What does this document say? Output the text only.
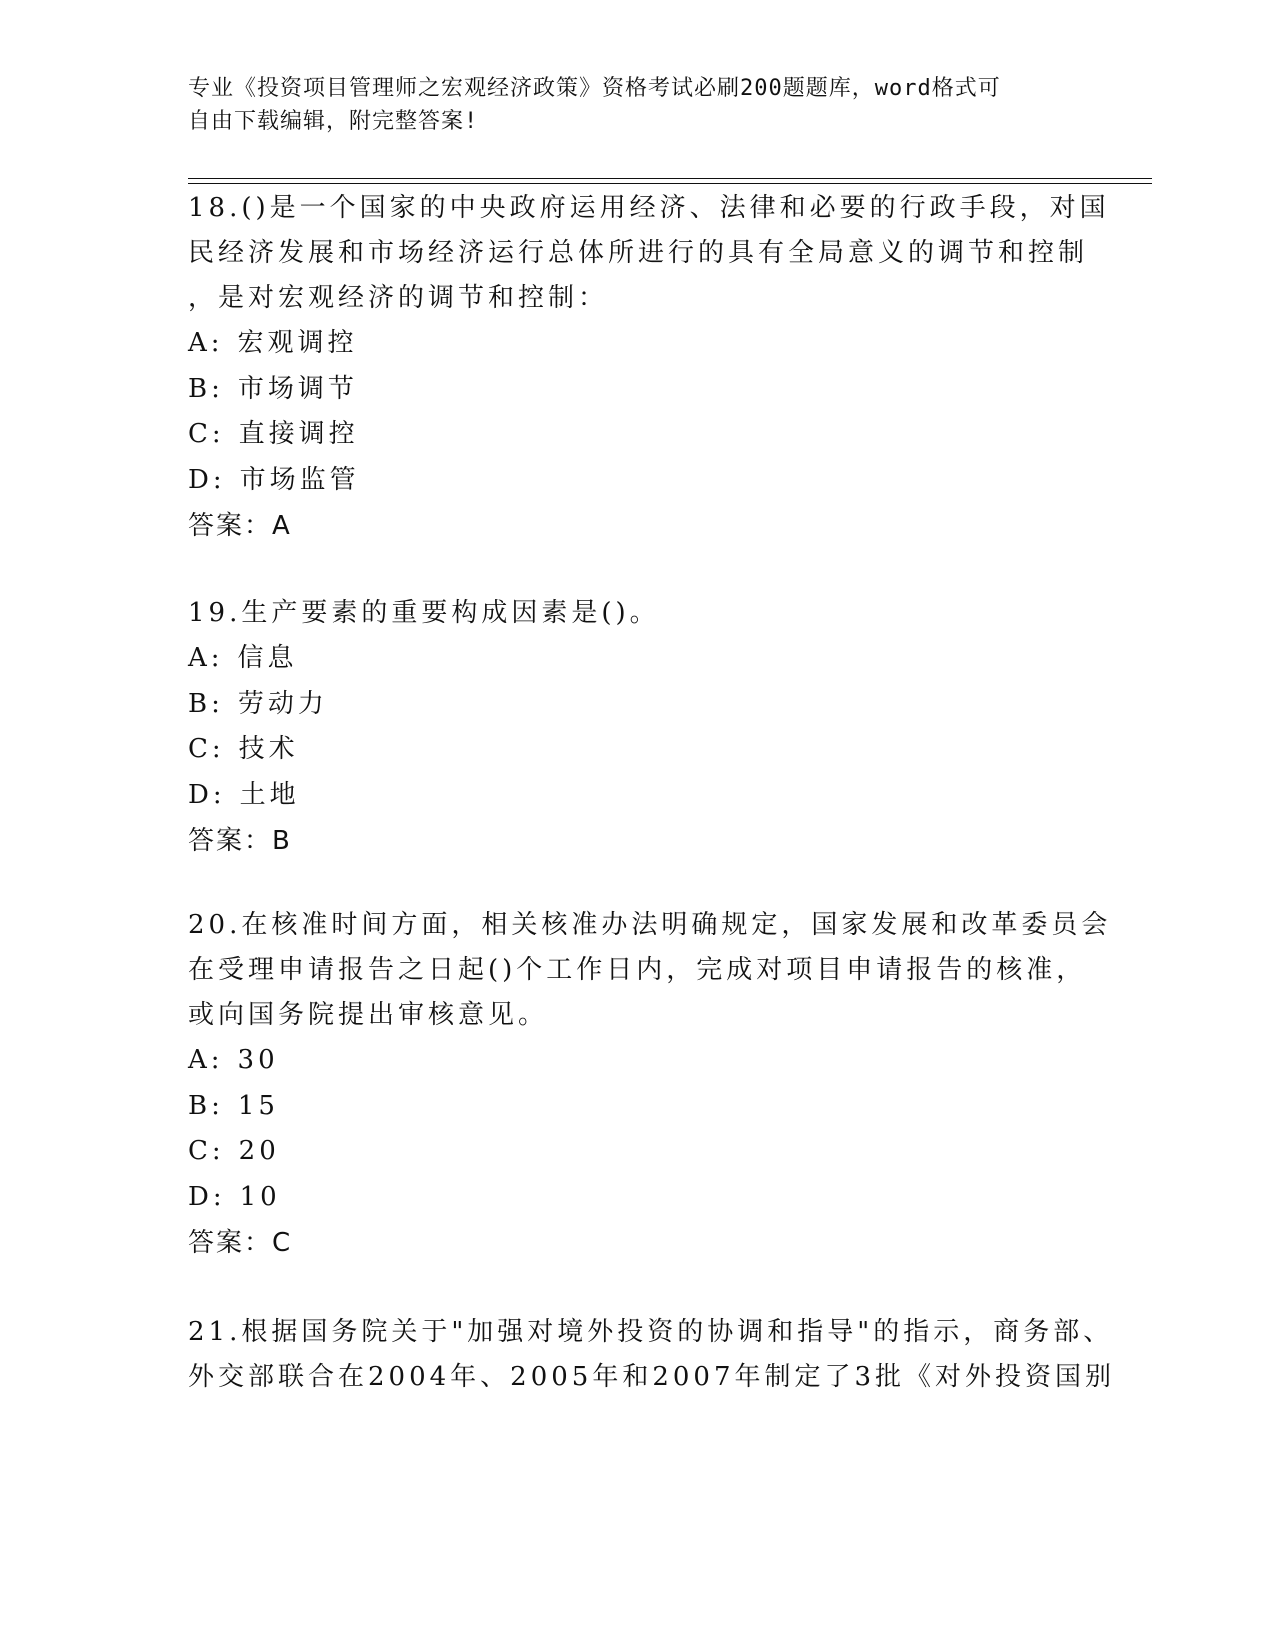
专业《投资项目管理师之宏观经济政策》资格考试必刷200题题库，word格式可
自由下载编辑，附完整答案!
18.()是一个国家的中央政府运用经济、法律和必要的行政手段，对国
民经济发展和市场经济运行总体所进行的具有全局意义的调节和控制
，是对宏观经济的调节和控制：
A: 宏观调控
B: 市场调节
C: 直接调控
D: 市场监管
答案：A
19.生产要素的重要构成因素是()。
A: 信息
B: 劳动力
C: 技术
D: 土地
答案：B
20.在核准时间方面，相关核准办法明确规定，国家发展和改革委员会
在受理申请报告之日起()个工作日内，完成对项目申请报告的核准，
或向国务院提出审核意见。
A: 30
B: 15
C: 20
D: 10
答案：C
21.根据国务院关于"加强对境外投资的协调和指导"的指示，商务部、
外交部联合在2004年、2005年和2007年制定了3批《对外投资国别
